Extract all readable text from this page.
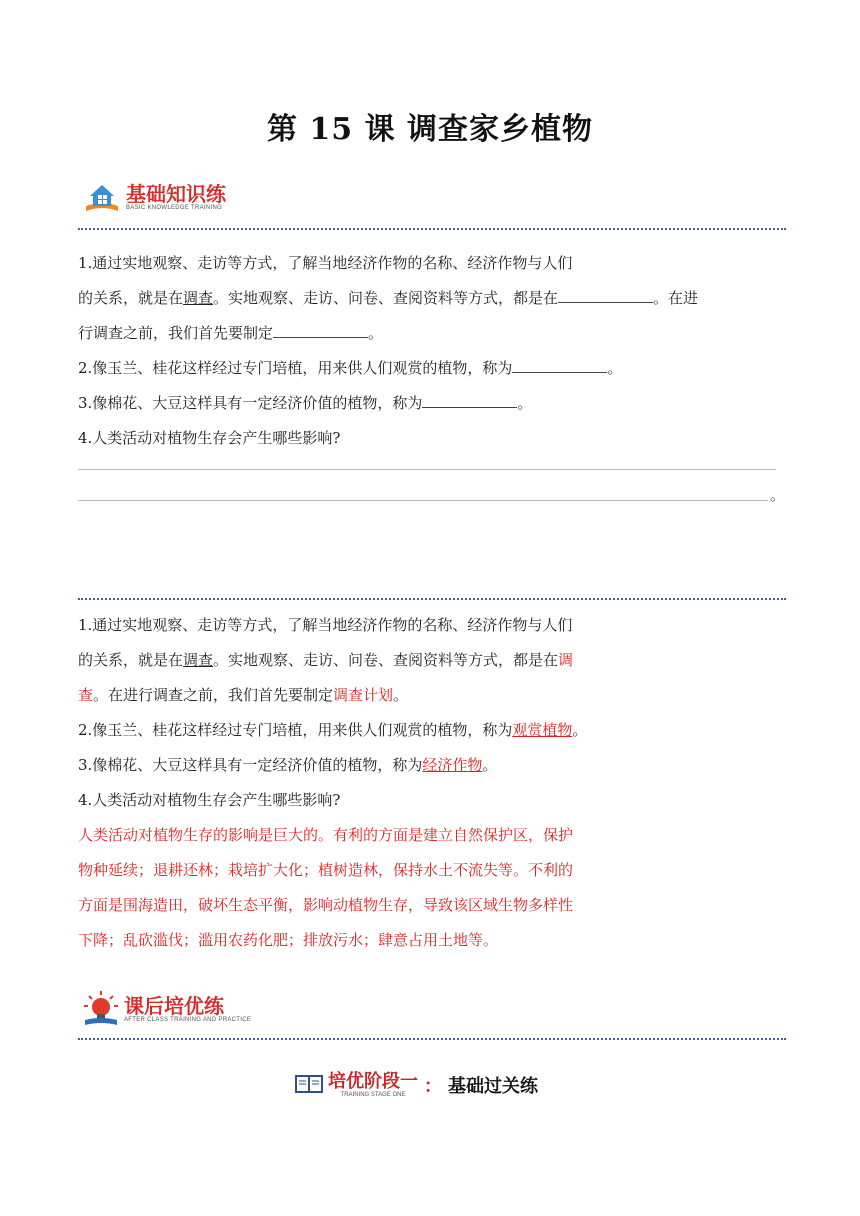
第 15 课 调查家乡植物
基础知识练
BASIC KNOWLEDGE TRAINING
1.通过实地观察、走访等方式，了解当地经济作物的名称、经济作物与人们
的关系，就是在调查。实地观察、走访、问卷、查阅资料等方式，都是在	。在进
行调查之前，我们首先要制定	。
2.像玉兰、桂花这样经过专门培植，用来供人们观赏的植物，称为	。
3.像棉花、大豆这样具有一定经济价值的植物，称为	。
4.人类活动对植物生存会产生哪些影响?
。
1.通过实地观察、走访等方式，了解当地经济作物的名称、经济作物与人们
的关系，就是在调查。实地观察、走访、问卷、查阅资料等方式，都是在调
查。在进行调查之前，我们首先要制定调查计划。
2.像玉兰、桂花这样经过专门培植，用来供人们观赏的植物，称为观赏植物。
3.像棉花、大豆这样具有一定经济价值的植物，称为经济作物。
4.人类活动对植物生存会产生哪些影响?
人类活动对植物生存的影响是巨大的。有利的方面是建立自然保护区，保护
物种延续；退耕还林；栽培扩大化；植树造林，保持水土不流失等。不利的
方面是围海造田，破坏生态平衡，影响动植物生存，导致该区域生物多样性
下降；乱砍滥伐；滥用农药化肥；排放污水；肆意占用土地等。
课后培优练
AFTER CLASS TRAINING AND PRACTICE
培优阶段一
TRAINING STAGE ONE	： 基础过关练
